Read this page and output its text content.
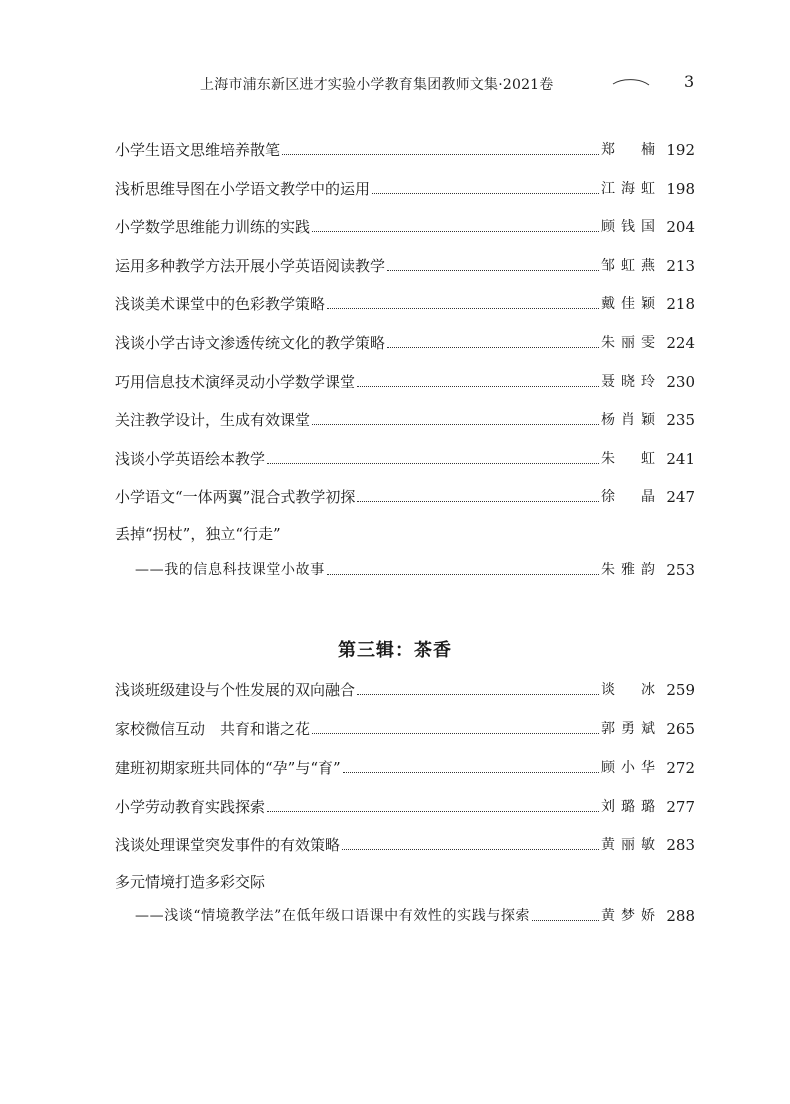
上海市浦东新区进才实验小学教育集团教师文集·2021卷	3
小学生语文思维培养散笔	郑　楠 192
浅析思维导图在小学语文教学中的运用	江海虹 198
小学数学思维能力训练的实践	顾钱国 204
运用多种教学方法开展小学英语阅读教学	邹虹燕 213
浅谈美术课堂中的色彩教学策略	戴佳颖 218
浅谈小学古诗文渗透传统文化的教学策略	朱丽雯 224
巧用信息技术演绎灵动小学数学课堂	聂晓玲 230
关注教学设计，生成有效课堂	杨肖颖 235
浅谈小学英语绘本教学	朱　虹 241
小学语文“一体两翼”混合式教学初探	徐　晶 247
丢掉“拐杖”，独立“行走”
——我的信息科技课堂小故事	朱雅韵 253
浅谈班级建设与个性发展的双向融合	谈　冰 259
家校微信互动　共育和谐之花	郭勇斌 265
建班初期家班共同体的“孕”与“育”	顾小华 272
小学劳动教育实践探索	刘璐璐 277
浅谈处理课堂突发事件的有效策略	黄丽敏 283
多元情境打造多彩交际
——浅谈“情境教学法”在低年级口语课中有效性的实践与探索	黄梦娇 288
第三辑：茶香
